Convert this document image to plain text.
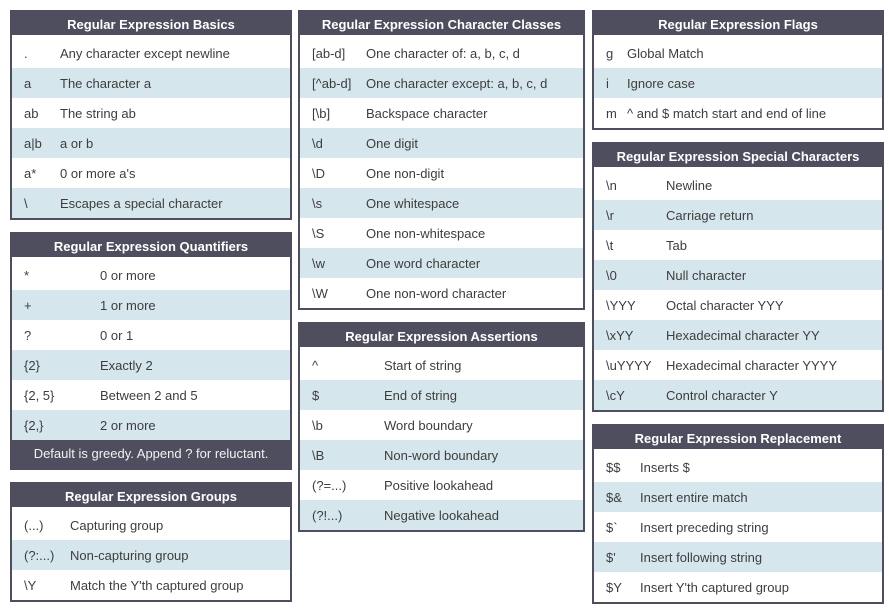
Regular Expression Basics
.	Any character except newline
a	The character a
ab	The string ab
a|b	a or b
a*	0 or more a's
\	Escapes a special character
Regular Expression Quantifiers
*	0 or more
+	1 or more
?	0 or 1
{2}	Exactly 2
{2, 5}	Between 2 and 5
{2,}	2 or more
Default is greedy. Append ? for reluctant.
Regular Expression Groups
(...)	Capturing group
(?:...)	Non-capturing group
\Y	Match the Y'th captured group
Regular Expression Character Classes
[ab-d]	One character of: a, b, c, d
[^ab-d]	One character except: a, b, c, d
[\b]	Backspace character
\d	One digit
\D	One non-digit
\s	One whitespace
\S	One non-whitespace
\w	One word character
\W	One non-word character
Regular Expression Assertions
^	Start of string
$	End of string
\b	Word boundary
\B	Non-word boundary
(?=...)	Positive lookahead
(?!...)	Negative lookahead
Regular Expression Flags
g	Global Match
i	Ignore case
m ^ and $ match start and end of line
Regular Expression Special Characters
\n	Newline
\r	Carriage return
\t	Tab
\0	Null character
\YYY	Octal character YYY
\xYY	Hexadecimal character YY
\uYYYY	Hexadecimal character YYYY
\cY	Control character Y
Regular Expression Replacement
$$	Inserts $
$&	Insert entire match
$`	Insert preceding string
$'	Insert following string
$Y	Insert Y'th captured group
